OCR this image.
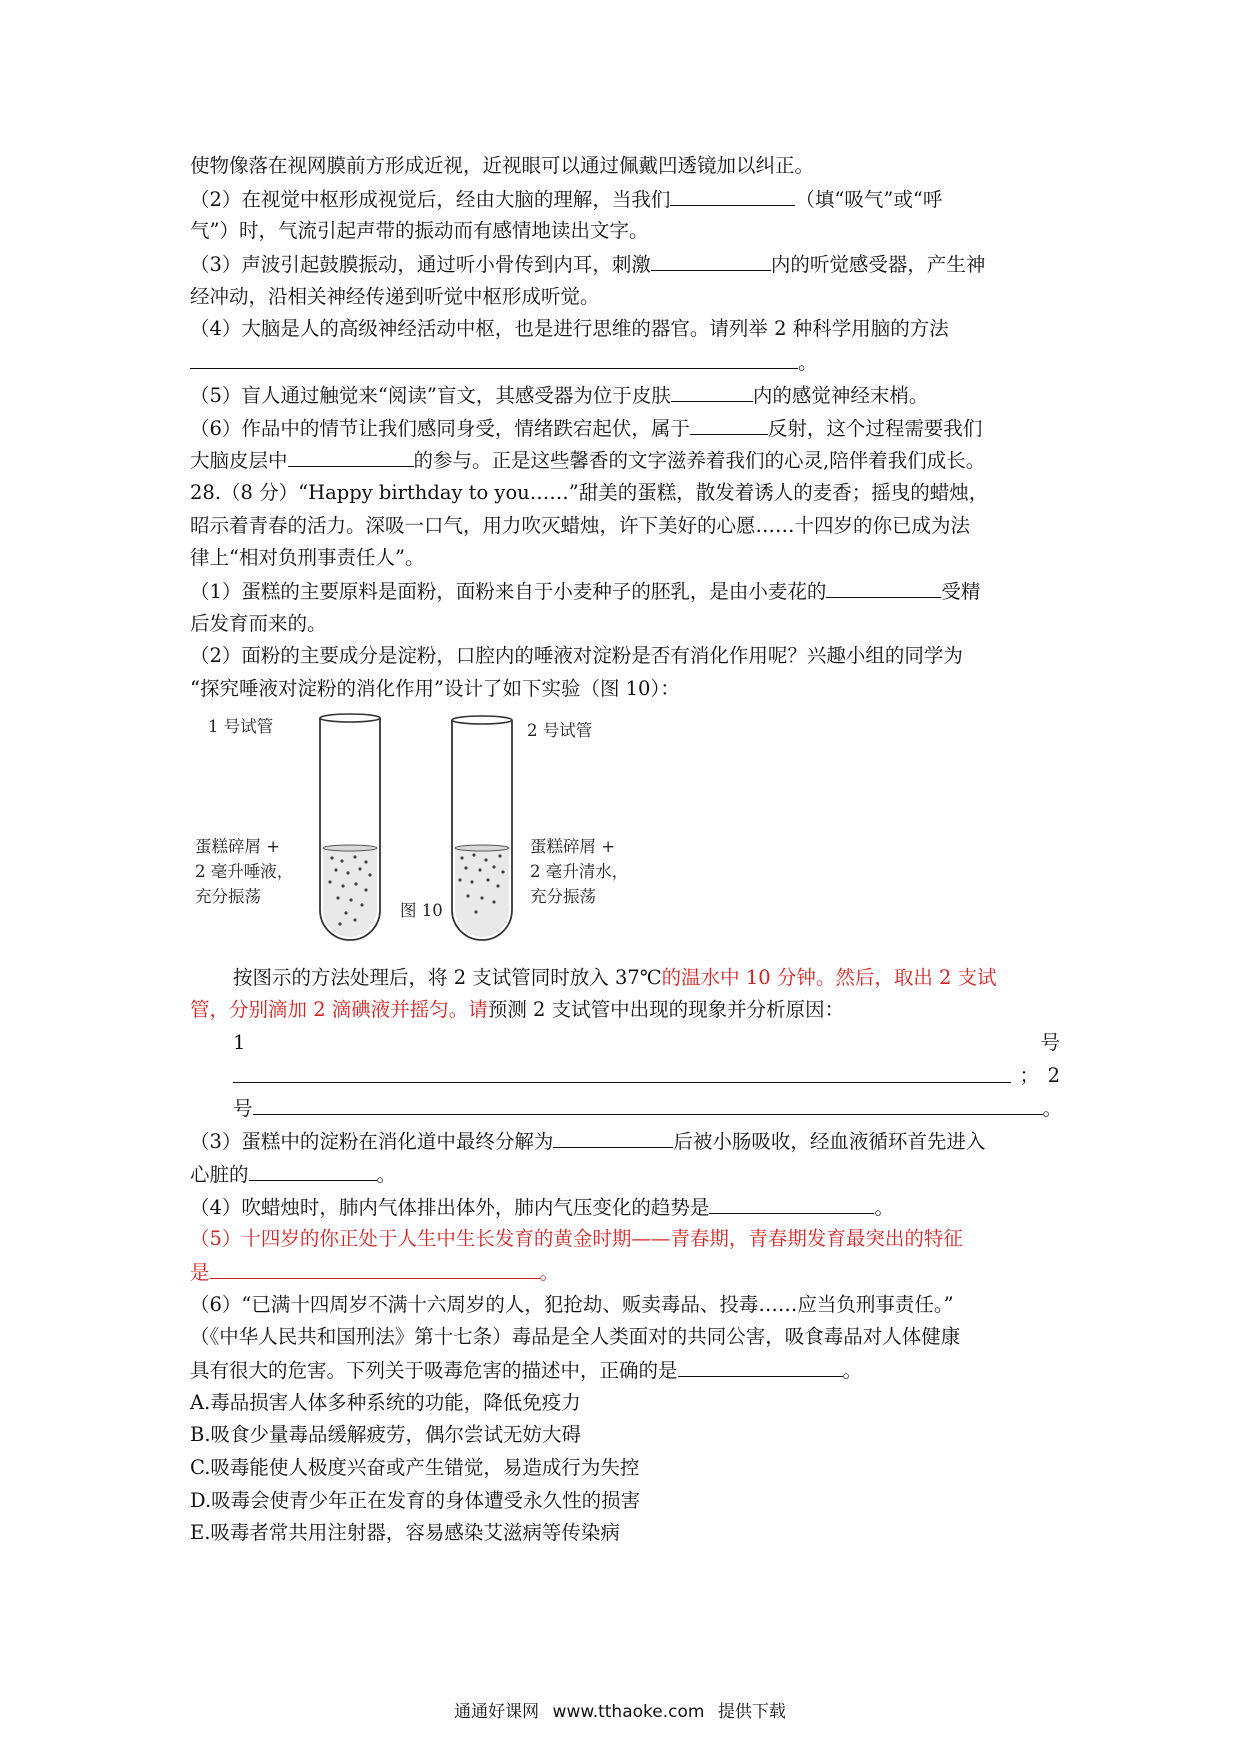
使物像落在视网膜前方形成近视，近视眼可以通过佩戴凹透镜加以纠正。
（2）在视觉中枢形成视觉后，经由大脑的理解，当我们	（填“吸气”或“呼
气”）时，气流引起声带的振动而有感情地读出文字。
（3）声波引起鼓膜振动，通过听小骨传到内耳，刺激	内的听觉感受器，产生神
经冲动，沿相关神经传递到听觉中枢形成听觉。
（4）大脑是人的高级神经活动中枢，也是进行思维的器官。请列举 2 种科学用脑的方法
。
（5）盲人通过触觉来“阅读”盲文，其感受器为位于皮肤	内的感觉神经末梢。
（6）作品中的情节让我们感同身受，情绪跌宕起伏，属于	反射，这个过程需要我们
大脑皮层中	的参与。正是这些馨香的文字滋养着我们的心灵,陪伴着我们成长。
28.（8 分）“Happy birthday to you……”甜美的蛋糕，散发着诱人的麦香；摇曳的蜡烛，
昭示着青春的活力。深吸一口气，用力吹灭蜡烛，许下美好的心愿……十四岁的你已成为法
律上“相对负刑事责任人”。
（1）蛋糕的主要原料是面粉，面粉来自于小麦种子的胚乳，是由小麦花的	受精
后发育而来的。
（2）面粉的主要成分是淀粉，口腔内的唾液对淀粉是否有消化作用呢？兴趣小组的同学为
“探究唾液对淀粉的消化作用”设计了如下实验（图 10）：
1 号试管	2 号试管
蛋糕碎屑 +
2 毫升唾液，
充分振荡
蛋糕碎屑 +
2 毫升清水，
充分振荡
图 10
按图示的方法处理后，将 2 支试管同时放入 37℃的温水中 10 分钟。然后，取出 2 支试
管，分别滴加 2 滴碘液并摇匀。请预测 2 支试管中出现的现象并分析原因：
1	号
； 2
号	。
（3）蛋糕中的淀粉在消化道中最终分解为	后被小肠吸收，经血液循环首先进入
心脏的	。
（4）吹蜡烛时，肺内气体排出体外，肺内气压变化的趋势是	。
（5）十四岁的你正处于人生中生长发育的黄金时期——青春期，青春期发育最突出的特征
是	。
（6）“已满十四周岁不满十六周岁的人，犯抢劫、贩卖毒品、投毒……应当负刑事责任。”
（《中华人民共和国刑法》第十七条）毒品是全人类面对的共同公害，吸食毒品对人体健康
具有很大的危害。下列关于吸毒危害的描述中，正确的是	。
A.毒品损害人体多种系统的功能，降低免疫力
B.吸食少量毒品缓解疲劳，偶尔尝试无妨大碍
C.吸毒能使人极度兴奋或产生错觉，易造成行为失控
D.吸毒会使青少年正在发育的身体遭受永久性的损害
E.吸毒者常共用注射器，容易感染艾滋病等传染病
通通好课网 www.tthaoke.com 提供下载
